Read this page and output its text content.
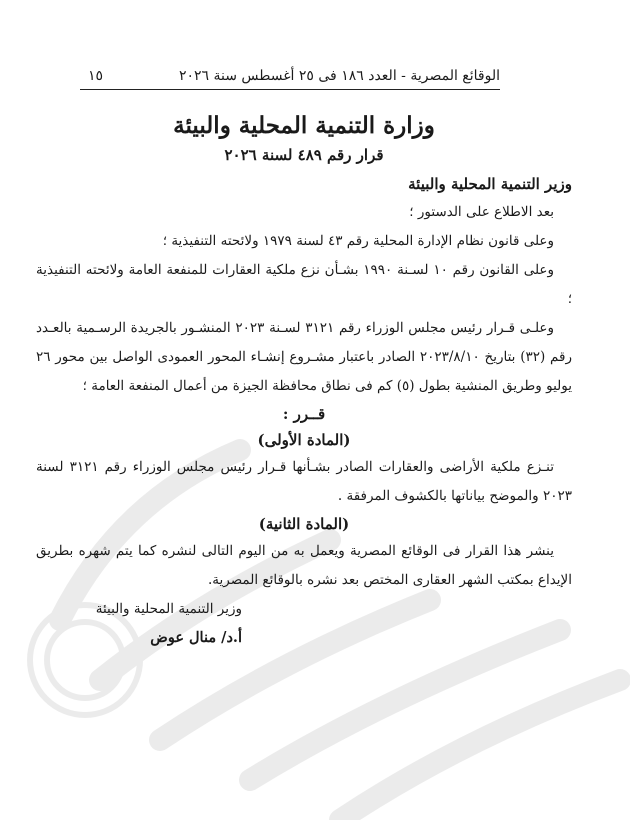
الوقائع المصرية - العدد ١٨٦ فى ٢٥ أغسطس سنة ٢٠٢٦
١٥

وزارة التنمية المحلية والبيئة

قرار رقم ٤٨٩ لسنة ٢٠٢٦

وزير التنمية المحلية والبيئة

بعد الاطلاع على الدستور ؛

وعلى قانون نظام الإدارة المحلية رقم ٤٣ لسنة ١٩٧٩ ولائحته التنفيذية ؛

وعلى القانون رقم ١٠ لسـنة ١٩٩٠ بشـأن نزع ملكية العقارات للمنفعة العامة ولائحته التنفيذية ؛

وعلـى قـرار رئيس مجلس الوزراء رقم ٣١٢١ لسـنة ٢٠٢٣ المنشـور بالجريدة الرسـمية بالعـدد رقم (٣٢) بتاريخ ٢٠٢٣/٨/١٠ الصادر باعتبار مشـروع إنشـاء المحور العمودى الواصل بين محور ٢٦ يوليو وطريق المنشية بطول (٥) كم فى نطاق محافظة الجيزة من أعمال المنفعة العامة ؛

قــرر :

(المادة الأولى)

تنـزع ملكية الأراضى والعقارات الصادر بشـأنها قـرار رئيس مجلس الوزراء رقم ٣١٢١ لسنة ٢٠٢٣ والموضح بياناتها بالكشوف المرفقة .

(المادة الثانية)

ينشر هذا القرار فى الوقائع المصرية ويعمل به من اليوم التالى لنشره كما يتم شهره بطريق الإيداع بمكتب الشهر العقارى المختص بعد نشره بالوقائع المصرية.

وزير التنمية المحلية والبيئة

أ.د/ منال عوض
